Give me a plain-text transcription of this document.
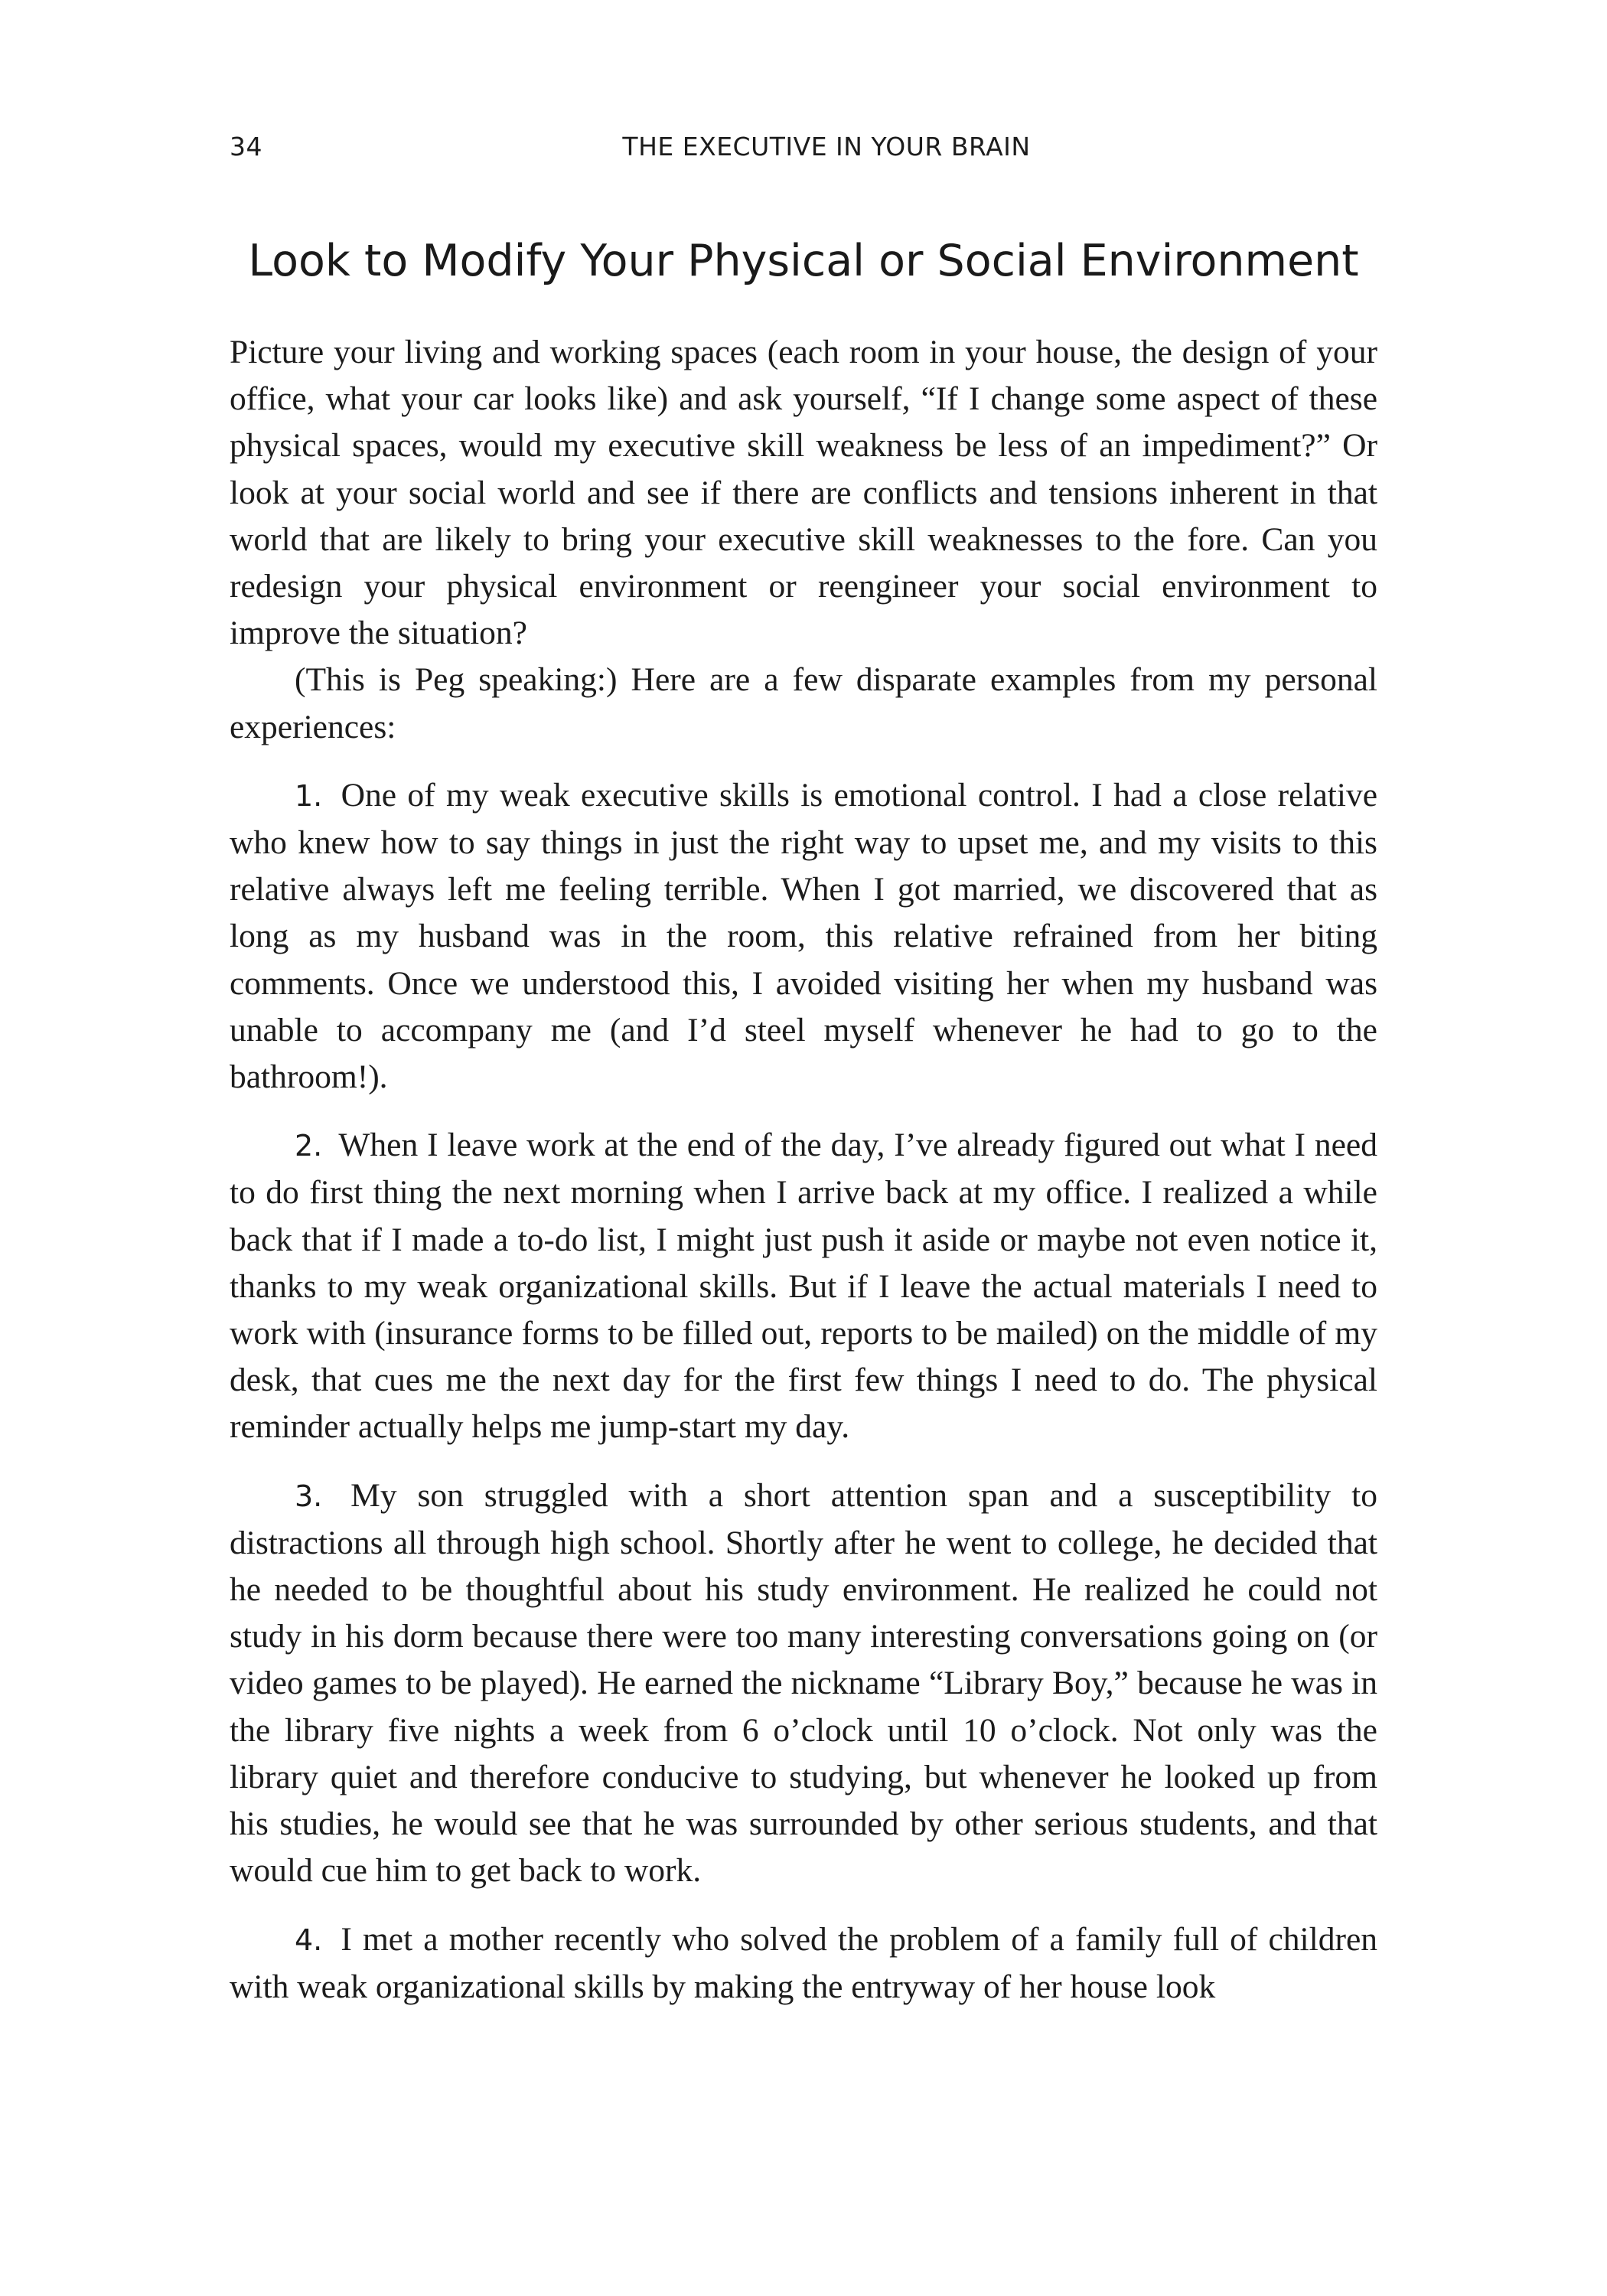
34	THE EXECUTIVE IN YOUR BRAIN
Look to Modify Your Physical or Social Environment

Picture your living and working spaces (each room in your house, the design of your office, what your car looks like) and ask yourself, “If I change some aspect of these physical spaces, would my executive skill weakness be less of an impediment?” Or look at your social world and see if there are conflicts and tensions inherent in that world that are likely to bring your executive skill weaknesses to the fore. Can you redesign your physical environment or reengineer your social environment to improve the situation?

(This is Peg speaking:) Here are a few disparate examples from my personal experiences:

1. One of my weak executive skills is emotional control. I had a close relative who knew how to say things in just the right way to upset me, and my visits to this relative always left me feeling terrible. When I got married, we discovered that as long as my husband was in the room, this relative refrained from her biting comments. Once we understood this, I avoided visiting her when my husband was unable to accompany me (and I’d steel myself whenever he had to go to the bathroom!).

2. When I leave work at the end of the day, I’ve already figured out what I need to do first thing the next morning when I arrive back at my office. I realized a while back that if I made a to-do list, I might just push it aside or maybe not even notice it, thanks to my weak organizational skills. But if I leave the actual materials I need to work with (insurance forms to be filled out, reports to be mailed) on the middle of my desk, that cues me the next day for the first few things I need to do. The physical reminder actually helps me jump-start my day.

3. My son struggled with a short attention span and a susceptibility to distractions all through high school. Shortly after he went to college, he decided that he needed to be thoughtful about his study environment. He realized he could not study in his dorm because there were too many interesting conversations going on (or video games to be played). He earned the nickname “Library Boy,” because he was in the library five nights a week from 6 o’clock until 10 o’clock. Not only was the library quiet and therefore conducive to studying, but whenever he looked up from his studies, he would see that he was surrounded by other serious students, and that would cue him to get back to work.

4. I met a mother recently who solved the problem of a family full of children with weak organizational skills by making the entryway of her house look
